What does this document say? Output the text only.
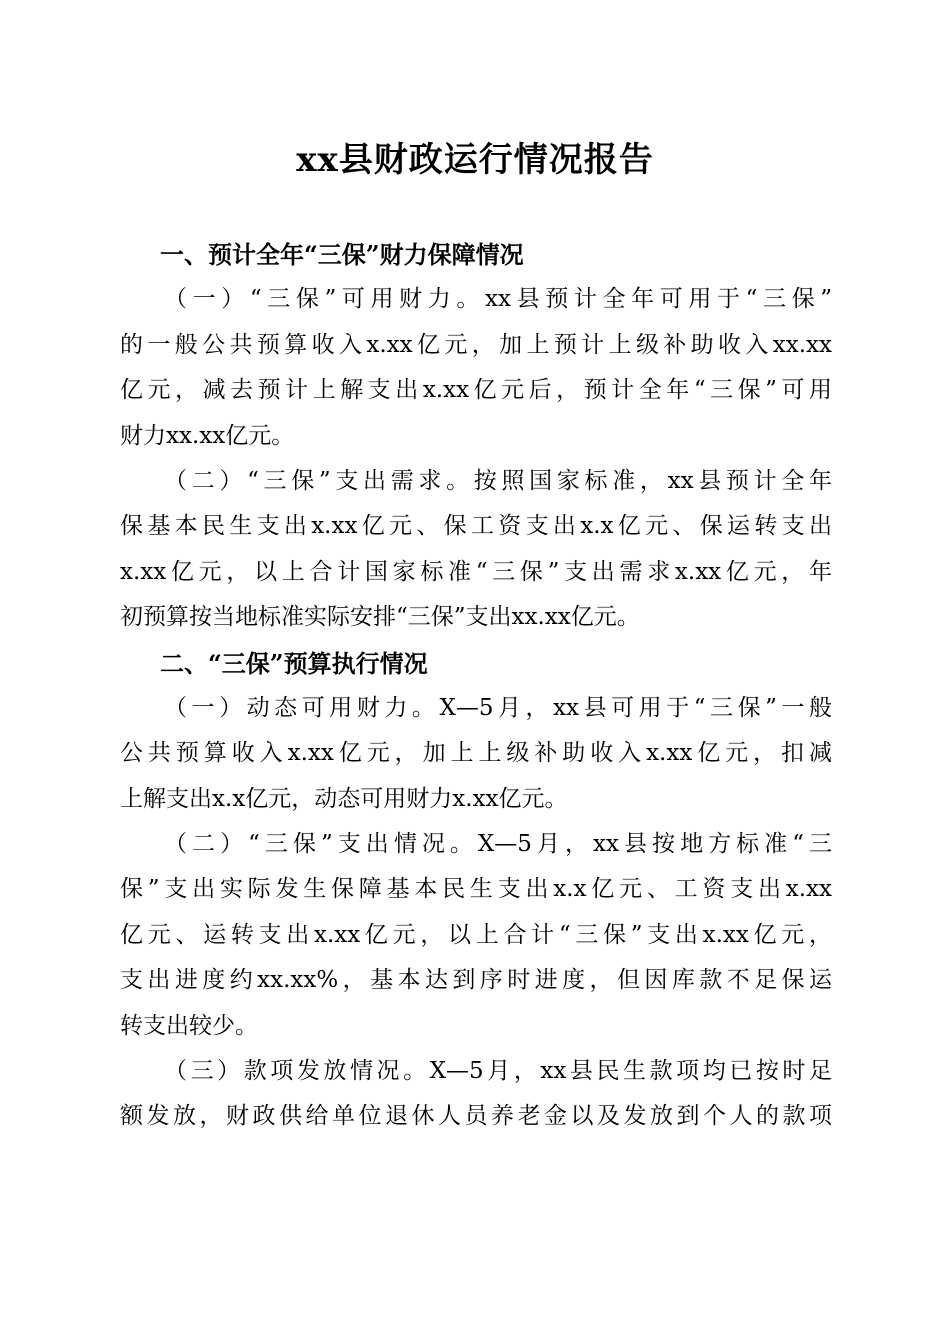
xx县财政运行情况报告
一、预计全年“三保”财力保障情况
（一）“三保”可用财力。xx县预计全年可用于“三保”
的一般公共预算收入x.xx亿元，加上预计上级补助收入xx.xx
亿元，减去预计上解支出x.xx亿元后，预计全年“三保”可用
财力xx.xx亿元。
（二）“三保”支出需求。按照国家标准，xx县预计全年
保基本民生支出x.xx亿元、保工资支出x.x亿元、保运转支出
x.xx亿元，以上合计国家标准“三保”支出需求x.xx亿元，年
初预算按当地标准实际安排“三保”支出xx.xx亿元。
二、“三保”预算执行情况
（一）动态可用财力。X—5月，xx县可用于“三保”一般
公共预算收入x.xx亿元，加上上级补助收入x.xx亿元，扣减
上解支出x.x亿元，动态可用财力x.xx亿元。
（二）“三保”支出情况。X—5月，xx县按地方标准“三
保”支出实际发生保障基本民生支出x.x亿元、工资支出x.xx
亿元、运转支出x.xx亿元，以上合计“三保”支出x.xx亿元，
支出进度约xx.xx%，基本达到序时进度，但因库款不足保运
转支出较少。
（三）款项发放情况。X—5月，xx县民生款项均已按时足
额发放，财政供给单位退休人员养老金以及发放到个人的款项
